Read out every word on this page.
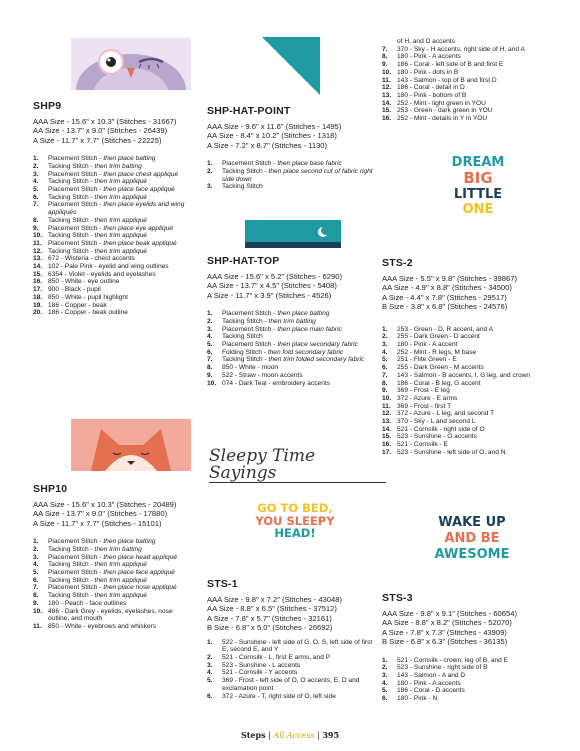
SHP9
AAA Size - 15.6" x 10.3" (Stitches - 31667)
AA Size - 13.7" x 9.0" (Stitches - 26439)
A Size - 11.7" x 7.7" (Stitches - 22225)
1.	Placement Stitch - then place batting
2.	Tacking Stitch - then trim batting
3.	Placement Stitch - then place chest appliqué
4.	Tacking Stitch - then trim appliqué
5.	Placement Stitch - then place face appliqué
6.	Tacking Stitch - then trim appliqué
7.	Placement Stitch - then place eyelids and wing appliqués
8.	Tacking Stitch - then trim appliqué
9.	Placement Stitch - then place eye appliqué
10. Tacking Stitch - then trim appliqué
11. Placement Stitch - then place beak appliqué
12. Tacking Stitch - then trim appliqué
13. 672 - Wisteria - chest accents
14. 102 - Pale Pink - eyelid and wing outlines
15. 6354 - Violet - eyelids and eyelashes
16. 850 - White - eye outline
17. 900 - Black - pupil
18. 850 - White - pupil highlight
19. 186 - Copper - beak
20. 186 - Copper - beak outline
SHP10
AAA Size - 15.6" x 10.3" (Stitches - 20489)
AA Size - 13.7" x 9.0" (Stitches - 17880)
A Size - 11.7" x 7.7" (Stitches - 15101)
1.	Placement Stitch - then place batting
2.	Tacking Stitch - then trim batting
3.	Placement Stitch - then place head appliqué
4.	Tacking Stitch - then trim appliqué
5.	Placement Stitch - then place face appliqué
6.	Tacking Stitch - then trim appliqué
7.	Placement Stitch - then place nose appliqué
8.	Tacking Stitch - then trim appliqué
9.	180 - Peach - face outlines
10. 486 - Dark Grey - eyelids, eyelashes, nose outline, and mouth
11. 850 - White - eyebrows and whiskers
SHP-HAT-POINT
AAA Size - 9.6" x 11.6" (Stitches - 1495)
AA Size - 8.4" x 10.2" (Stitches - 1318)
A Size - 7.2" x 8.7" (Stitches - 1130)
1.	Placement Stitch - then place base fabric
2.	Tacking Stitch - then place second cut of fabric right side down
3.	Tacking Stitch
SHP-HAT-TOP
AAA Size - 15.6" x 5.2" (Stitches - 6290)
AA Size - 13.7" x 4.5" (Stitches - 5408)
A Size - 11.7" x 3.9" (Stitches - 4526)
1.	Placement Stitch - then place batting
2.	Tacking Stitch - then trim batting
3.	Placement Stitch - then place main fabric
4.	Tacking Stitch
5.	Placement Stitch - then place secondary fabric
6.	Folding Stitch - then fold secondary fabric
7.	Tacking Stitch - then trim folded secondary fabric
8.	850 - White - moon
9.	522 - Straw - moon accents
10. 074 - Dark Teal - embroidery accents
Sleepy Time
Sayings
GO TO BED,
YOU SLEEPY
HEAD!
STS-1
AAA Size - 9.8" x 7.2" (Stitches - 43048)
AA Size - 8.8" x 6.5" (Stitches - 37512)
A Size - 7.8" x 5.7" (Stitches - 32161)
B Size - 6.8" x 5.0" (Stitches - 26692)
1.	522 - Sunshine - left side of G, O, S, left side of first E, second E, and Y
2.	521 - Cornsilk - L, first E arms, and P
3.	523 - Sunshine - L accents
4.	521 - Cornsilk - Y accents
5.	369 - Frost - left side of O, O accents, E, D and exclamation point
6.	372 - Azure - T, right side of O, left side
of H, and D accents
7.	370 - Sky - H accents, right side of H, and A
8.	180 - Pink - A accents
9.	186 - Coral - left side of B and first E
10. 180 - Pink - dots in B
11. 143 - Salmon - top of B and first D
12. 186 - Coral - detail in D
13. 180 - Pink - bottom of B
14. 252 - Mint - light green in YOU
15. 253 - Green - dark green in YOU
16. 252 - Mint - details in Y in YOU
DREAM
BIG
LITTLE
ONE
STS-2
AAA Size - 5.5" x 9.8" (Stitches - 39867)
AA Size - 4.9" x 8.8" (Stitches - 34500)
A Size - 4.4" x 7.8" (Stitches - 29517)
B Size - 3.8" x 6.8" (Stitches - 24576)
1.	253 - Green - D, R accent, and A
2.	255 - Dark Green - D accent
3.	180 - Pink - A accent
4.	252 - Mint - R legs, M base
5.	251 - Flite Green - E
6.	255 - Dark Green - M accents
7.	143 - Salmon - B accents, I, G leg, and crown
8.	186 - Coral - B leg, G accent
9.	369 - Frost - E leg
10. 372 - Azure - E arms
11. 369 - Frost - first T
12. 372 - Azure - L leg, and second T
13. 370 - Sky - L and second L
14. 521 - Cornsilk - right side of O
15. 523 - Sunshine - O accents
16. 521 - Cornsilk - E
17. 523 - Sunshine - left side of O, and N
WAKE UP
AND BE
AWESOME
STS-3
AAA Size - 9.8" x 9.1" (Stitches - 60654)
AA Size - 8.8" x 8.2" (Stitches - 52070)
A Size - 7.8" x 7.3" (Stitches - 43909)
B Size - 6.8" x 6.3" (Stitches - 36135)
1.	521 - Cornsilk - crown, leg of B, and E
2.	523 - Sunshine - right side of B
3.	143 - Salmon - A and D
4.	180 - Pink - A accents
5.	186 - Coral - D accents
6.	180 - Pink - N
Steps | All Access | 395
